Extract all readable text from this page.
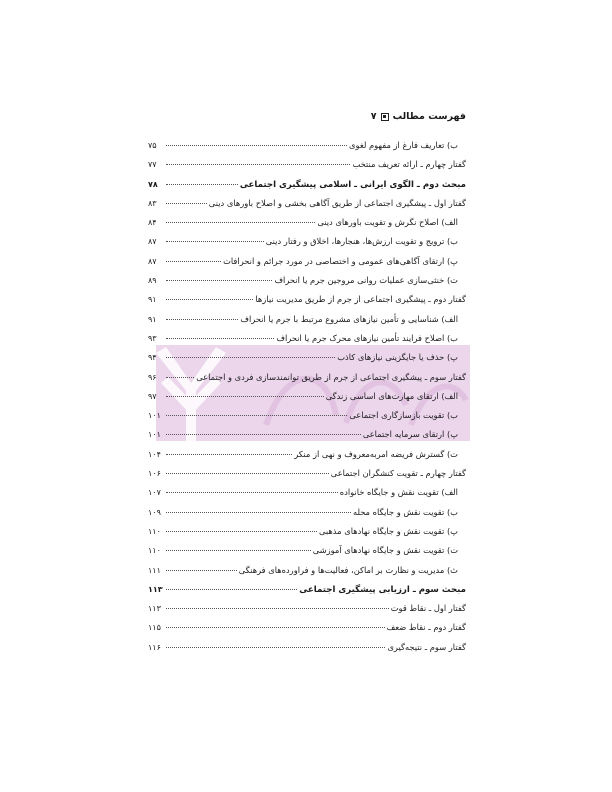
فهرست مطالب
۷
ب) تعاریف فارغ از مفهوم لغوی
۷۵
گفتار چهارم ـ ارائه تعریف منتخب
۷۷
مبحث دوم ـ الگوی ایرانی ـ اسلامی پیشگیری اجتماعی
۷۸
گفتار اول ـ پیشگیری اجتماعی از طریق آگاهی بخشی و اصلاح باورهای دینی
۸۳
الف) اصلاح نگرش و تقویت باورهای دینی
۸۴
ب) ترویج و تقویت ارزش‌ها، هنجارها، اخلاق و رفتار دینی
۸۷
پ) ارتقای آگاهی‌های عمومی و اختصاصی در مورد جرائم و انحرافات
۸۷
ت) خنثی‌سازی عملیات روانی مروجین جرم یا انحراف
۸۹
گفتار دوم ـ پیشگیری اجتماعی از جرم از طریق مدیریت نیازها
۹۱
الف) شناسایی و تأمین نیازهای مشروع مرتبط با جرم یا انحراف
۹۱
ب) اصلاح فرایند تأمین نیازهای محرک جرم یا انحراف
۹۳
پ) حذف یا جایگزینی نیازهای کاذب
۹۴
گفتار سوم ـ پیشگیری اجتماعی از جرم از طریق توانمندسازی فردی و اجتماعی
۹۶
الف) ارتقای مهارت‌های اساسی زندگی
۹۷
ب) تقویت بازسازگاری اجتماعی
۱۰۱
پ) ارتقای سرمایه اجتماعی
۱۰۱
ت) گسترش فریضه امربه‌معروف و نهی از منکر
۱۰۴
گفتار چهارم ـ تقویت کنشگران اجتماعی
۱۰۶
الف) تقویت نقش و جایگاه خانواده
۱۰۷
ب) تقویت نقش و جایگاه محله
۱۰۹
پ) تقویت نقش و جایگاه نهادهای مذهبی
۱۱۰
ت) تقویت نقش و جایگاه نهادهای آموزشی
۱۱۰
ث) مدیریت و نظارت بر اماکن، فعالیت‌ها و فراورده‌های فرهنگی
۱۱۱
مبحث سوم ـ ارزیابی پیشگیری اجتماعی
۱۱۳
گفتار اول ـ نقاط قوت
۱۱۳
گفتار دوم ـ نقاط ضعف
۱۱۵
گفتار سوم ـ نتیجه‌گیری
۱۱۶
